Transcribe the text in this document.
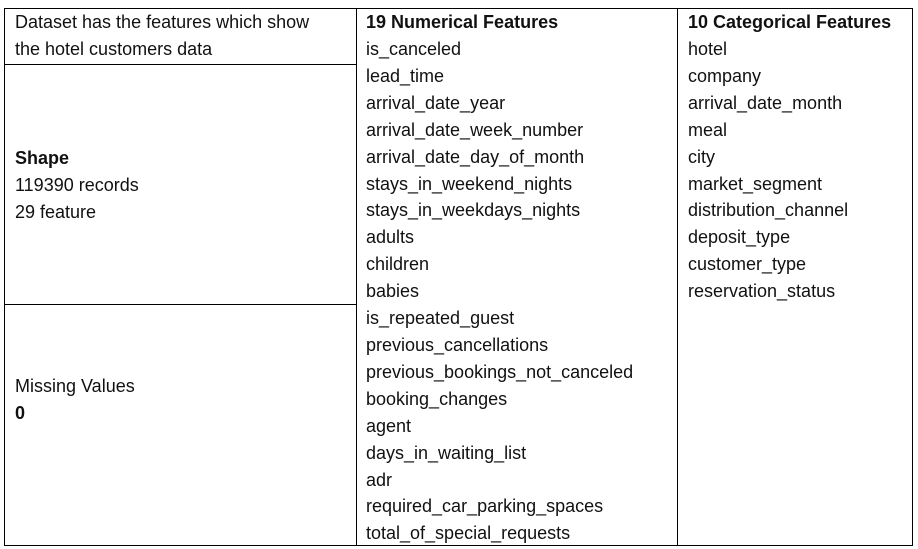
Dataset has the features which show
the hotel customers data
Shape
119390 records
29 feature
Missing Values
0
19 Numerical Features
is_canceled
lead_time
arrival_date_year
arrival_date_week_number
arrival_date_day_of_month
stays_in_weekend_nights
stays_in_weekdays_nights
adults
children
babies
is_repeated_guest
previous_cancellations
previous_bookings_not_canceled
booking_changes
agent
days_in_waiting_list
adr
required_car_parking_spaces
total_of_special_requests
10 Categorical Features
hotel
company
arrival_date_month
meal
city
market_segment
distribution_channel
deposit_type
customer_type
reservation_status
